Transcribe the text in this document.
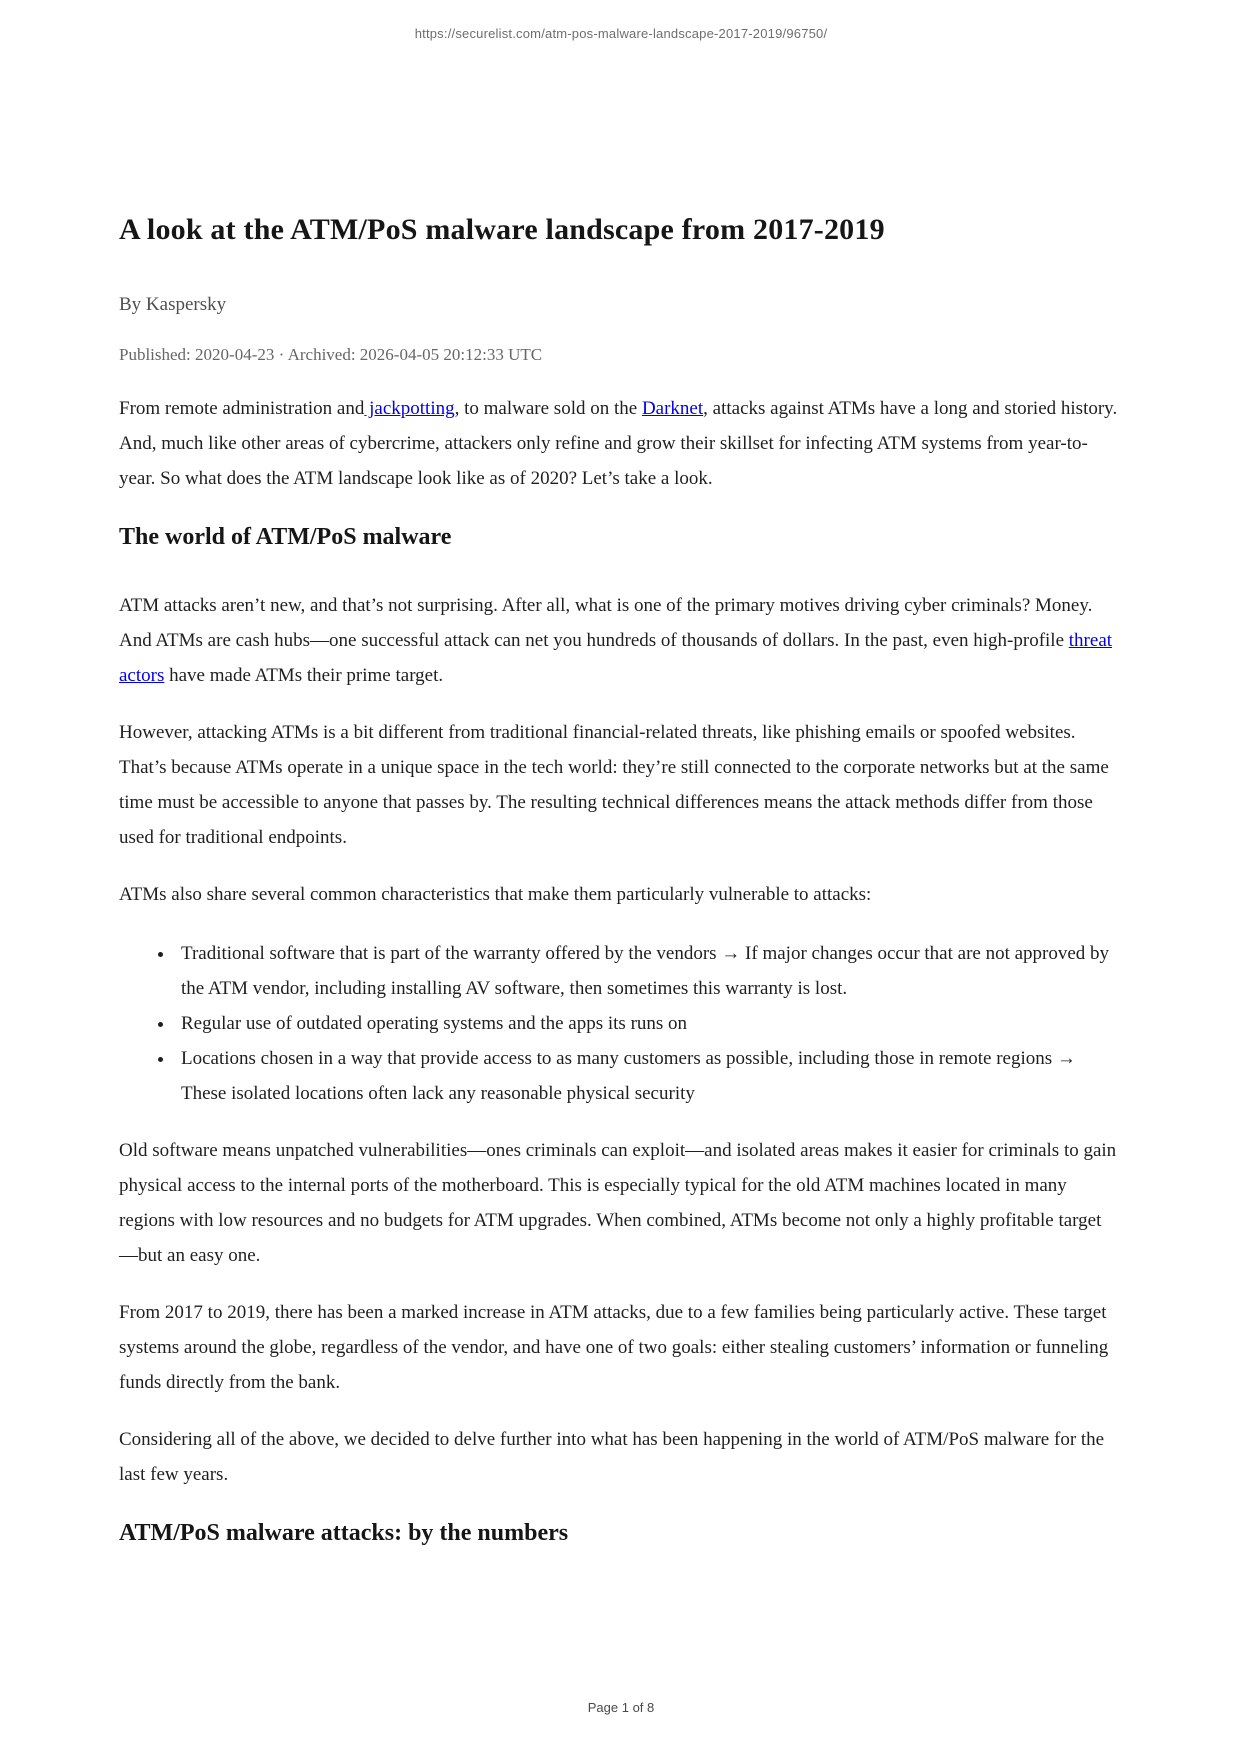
https://securelist.com/atm-pos-malware-landscape-2017-2019/96750/
A look at the ATM/PoS malware landscape from 2017-2019
By Kaspersky
Published: 2020-04-23 · Archived: 2026-04-05 20:12:33 UTC

From remote administration and jackpotting, to malware sold on the Darknet, attacks against ATMs have a long and storied history. And, much like other areas of cybercrime, attackers only refine and grow their skillset for infecting ATM systems from year-to-year. So what does the ATM landscape look like as of 2020? Let’s take a look.

The world of ATM/PoS malware

ATM attacks aren’t new, and that’s not surprising. After all, what is one of the primary motives driving cyber criminals? Money. And ATMs are cash hubs—one successful attack can net you hundreds of thousands of dollars. In the past, even high-profile threat actors have made ATMs their prime target.

However, attacking ATMs is a bit different from traditional financial-related threats, like phishing emails or spoofed websites. That’s because ATMs operate in a unique space in the tech world: they’re still connected to the corporate networks but at the same time must be accessible to anyone that passes by. The resulting technical differences means the attack methods differ from those used for traditional endpoints.

ATMs also share several common characteristics that make them particularly vulnerable to attacks:

• Traditional software that is part of the warranty offered by the vendors → If major changes occur that are not approved by the ATM vendor, including installing AV software, then sometimes this warranty is lost.
• Regular use of outdated operating systems and the apps its runs on
• Locations chosen in a way that provide access to as many customers as possible, including those in remote regions → These isolated locations often lack any reasonable physical security

Old software means unpatched vulnerabilities—ones criminals can exploit—and isolated areas makes it easier for criminals to gain physical access to the internal ports of the motherboard. This is especially typical for the old ATM machines located in many regions with low resources and no budgets for ATM upgrades. When combined, ATMs become not only a highly profitable target—but an easy one.

From 2017 to 2019, there has been a marked increase in ATM attacks, due to a few families being particularly active. These target systems around the globe, regardless of the vendor, and have one of two goals: either stealing customers’ information or funneling funds directly from the bank.

Considering all of the above, we decided to delve further into what has been happening in the world of ATM/PoS malware for the last few years.

ATM/PoS malware attacks: by the numbers
Page 1 of 8
